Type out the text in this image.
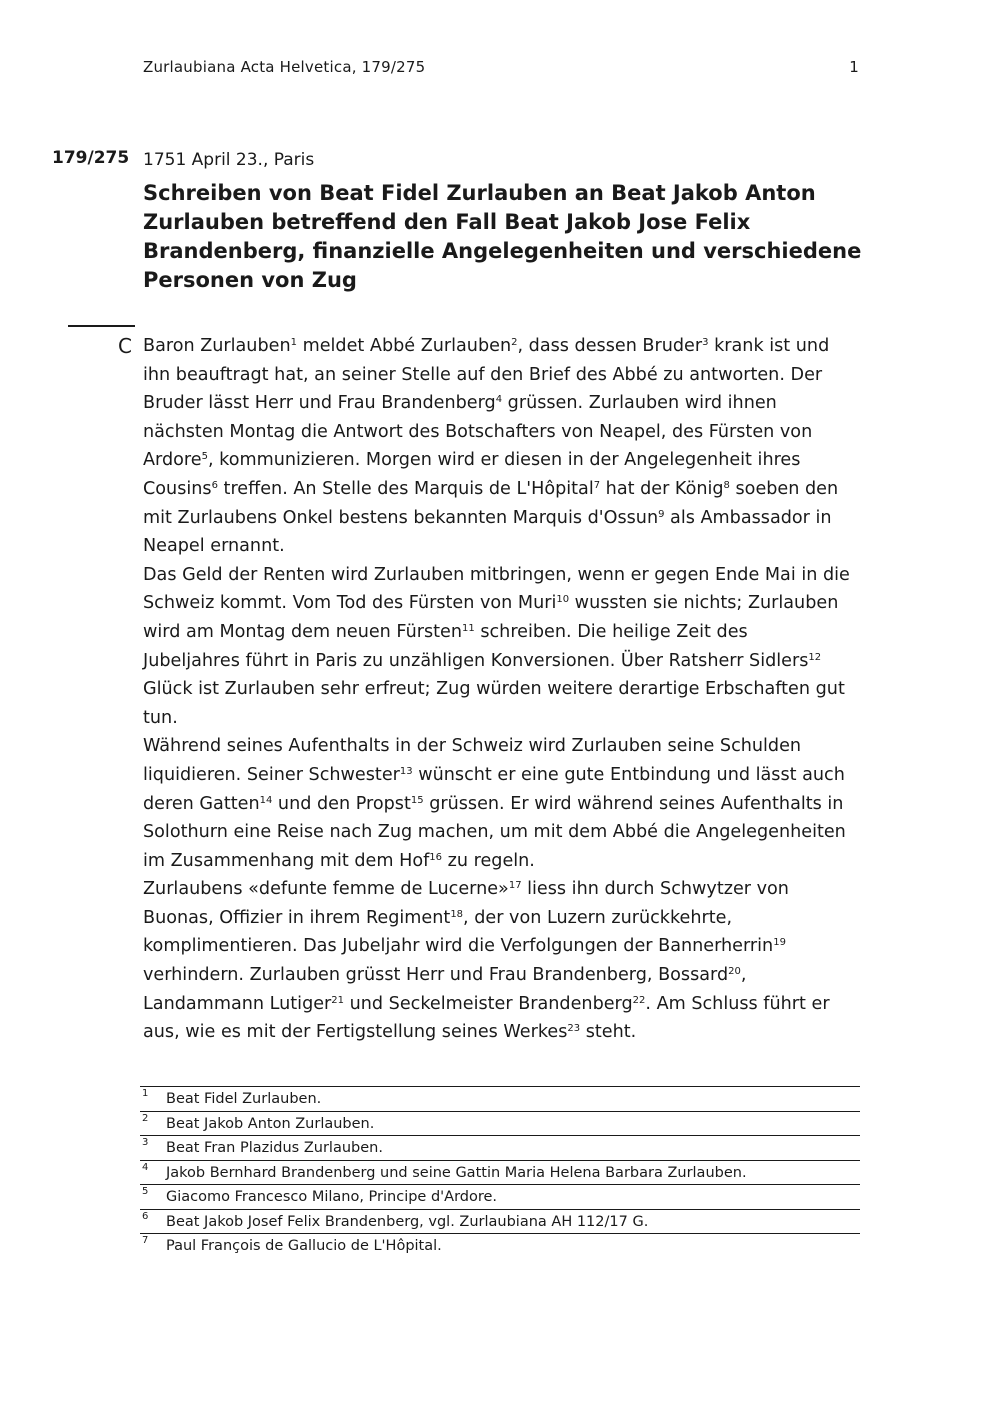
Zurlaubiana Acta Helvetica, 179/275	1
179/275 1751 April 23., Paris
Schreiben von Beat Fidel Zurlauben an Beat Jakob Anton
Zurlauben betreffend den Fall Beat Jakob Jose Felix
Brandenberg, finanzielle Angelegenheiten und verschiedene
Personen von Zug
C Baron Zurlauben$^1$ meldet Abbé Zurlauben$^2$, dass dessen Bruder$^3$ krank ist und
ihn beauftragt hat, an seiner Stelle auf den Brief des Abbé zu antworten. Der
Bruder lässt Herr und Frau Brandenberg$^4$ grüssen. Zurlauben wird ihnen
nächsten Montag die Antwort des Botschafters von Neapel, des Fürsten von
Ardore$^5$, kommunizieren. Morgen wird er diesen in der Angelegenheit ihres
Cousins$^6$ treffen. An Stelle des Marquis de L'Hôpital$^7$ hat der König$^8$ soeben den
mit Zurlaubens Onkel bestens bekannten Marquis d'Ossun$^9$ als Ambassador in
Neapel ernannt.
Das Geld der Renten wird Zurlauben mitbringen, wenn er gegen Ende Mai in die
Schweiz kommt. Vom Tod des Fürsten von Muri$^{10}$ wussten sie nichts; Zurlauben
wird am Montag dem neuen Fürsten$^{11}$ schreiben. Die heilige Zeit des
Jubeljahres führt in Paris zu unzähligen Konversionen. Über Ratsherr Sidlers$^{12}$
Glück ist Zurlauben sehr erfreut; Zug würden weitere derartige Erbschaften gut
tun.
Während seines Aufenthalts in der Schweiz wird Zurlauben seine Schulden
liquidieren. Seiner Schwester$^{13}$ wünscht er eine gute Entbindung und lässt auch
deren Gatten$^{14}$ und den Propst$^{15}$ grüssen. Er wird während seines Aufenthalts in
Solothurn eine Reise nach Zug machen, um mit dem Abbé die Angelegenheiten
im Zusammenhang mit dem Hof$^{16}$ zu regeln.
Zurlaubens «defunte femme de Lucerne»$^{17}$ liess ihn durch Schwytzer von
Buonas, Offizier in ihrem Regiment$^{18}$, der von Luzern zurückkehrte,
komplimentieren. Das Jubeljahr wird die Verfolgungen der Bannerherrin$^{19}$
verhindern. Zurlauben grüsst Herr und Frau Brandenberg, Bossard$^{20}$,
Landammann Lutiger$^{21}$ und Seckelmeister Brandenberg$^{22}$. Am Schluss führt er
aus, wie es mit der Fertigstellung seines Werkes$^{23}$ steht.
1 Beat Fidel Zurlauben.
2 Beat Jakob Anton Zurlauben.
3 Beat Fran Plazidus Zurlauben.
4 Jakob Bernhard Brandenberg und seine Gattin Maria Helena Barbara Zurlauben.
5 Giacomo Francesco Milano, Principe d'Ardore.
6 Beat Jakob Josef Felix Brandenberg, vgl. Zurlaubiana AH 112/17 G.
7 Paul François de Gallucio de L'Hôpital.
